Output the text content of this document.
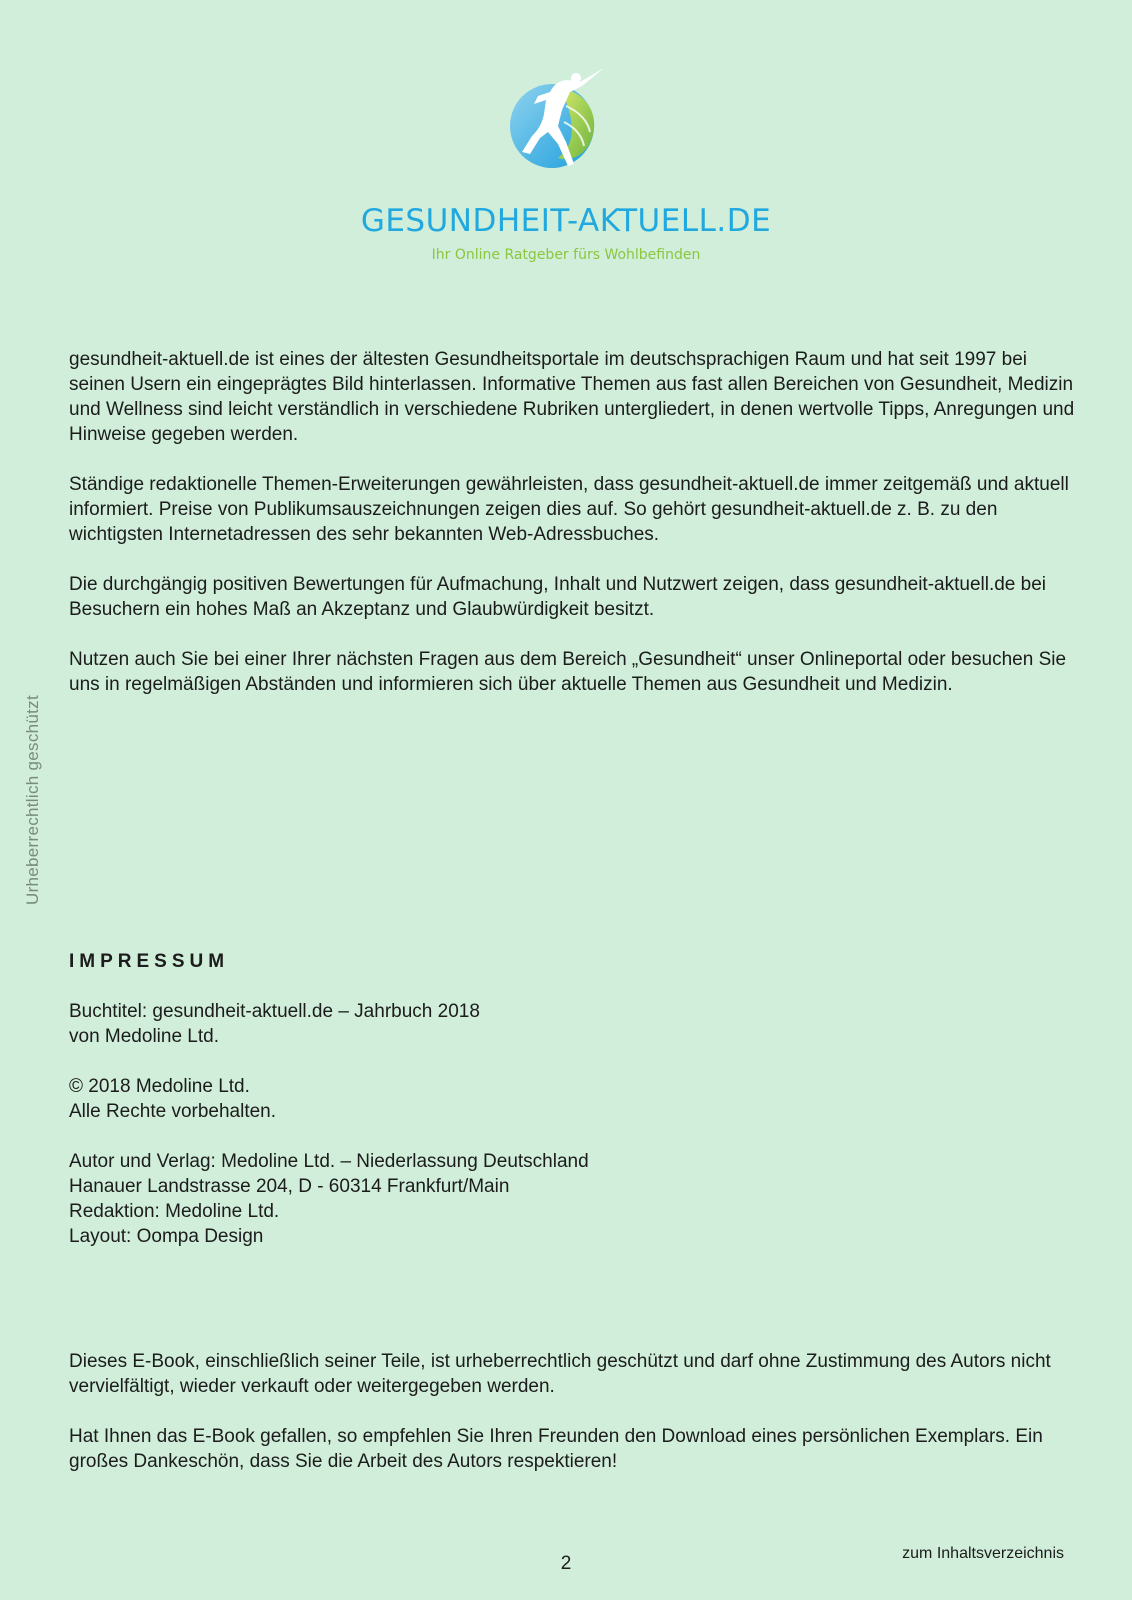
GESUNDHEIT-AKTUELL.DE
Ihr Online Ratgeber fürs Wohlbefinden

gesundheit-aktuell.de ist eines der ältesten Gesundheitsportale im deutschsprachigen Raum und hat seit 1997 bei seinen Usern ein eingeprägtes Bild hinterlassen. Informative Themen aus fast allen Bereichen von Gesundheit, Medizin und Wellness sind leicht verständlich in verschiedene Rubriken untergliedert, in denen wertvolle Tipps, Anregungen und Hinweise gegeben werden.

Ständige redaktionelle Themen-Erweiterungen gewährleisten, dass gesundheit-aktuell.de immer zeitgemäß und aktuell informiert. Preise von Publikumsauszeichnungen zeigen dies auf. So gehört gesundheit-aktuell.de z. B. zu den wichtigsten Internetadressen des sehr bekannten Web-Adressbuches.

Die durchgängig positiven Bewertungen für Aufmachung, Inhalt und Nutzwert zeigen, dass gesundheit-aktuell.de bei Besuchern ein hohes Maß an Akzeptanz und Glaubwürdigkeit besitzt.

Nutzen auch Sie bei einer Ihrer nächsten Fragen aus dem Bereich „Gesundheit“ unser Onlineportal oder besuchen Sie uns in regelmäßigen Abständen und informieren sich über aktuelle Themen aus Gesundheit und Medizin.

Urheberrechtlich geschützt
IMPRESSUM
Buchtitel: gesundheit-aktuell.de – Jahrbuch 2018
von Medoline Ltd.
© 2018 Medoline Ltd.
Alle Rechte vorbehalten.
Autor und Verlag: Medoline Ltd. – Niederlassung Deutschland
Hanauer Landstrasse 204, D - 60314 Frankfurt/Main
Redaktion: Medoline Ltd.
Layout: Oompa Design

Dieses E-Book, einschließlich seiner Teile, ist urheberrechtlich geschützt und darf ohne Zustimmung des Autors nicht vervielfältigt, wieder verkauft oder weitergegeben werden.

Hat Ihnen das E-Book gefallen, so empfehlen Sie Ihren Freunden den Download eines persönlichen Exemplars. Ein großes Dankeschön, dass Sie die Arbeit des Autors respektieren!

2	zum Inhaltsverzeichnis
